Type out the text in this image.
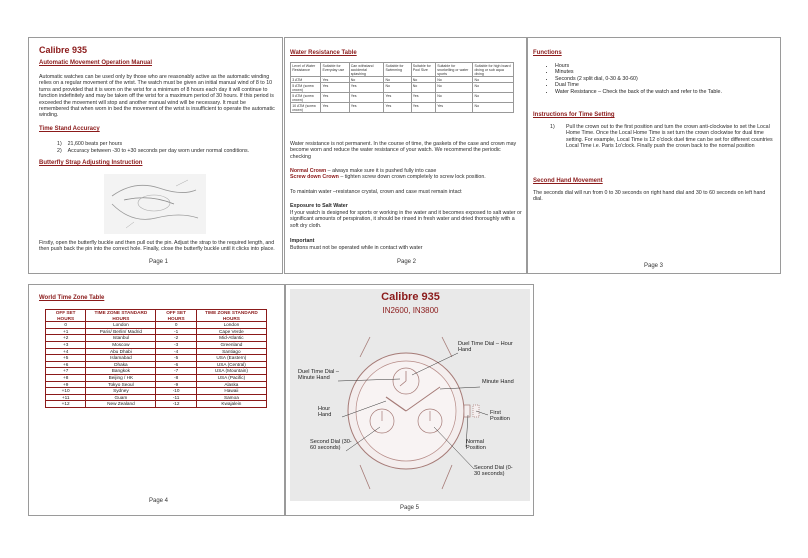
Calibre 935
Automatic Movement Operation Manual
Automatic watches can be used only by those who are reasonably active as the automatic winding relies on a regular movement of the wrist. The watch must be given an initial manual wind of 8 to 10 turns and provided that it is worn on the wrist for a minimum of 8 hours each day it will continue to function indefinitely and may be taken off the wrist for a maximum period of 30 hours. If this period is exceeded the movement will stop and another manual wind will be necessary. It must be remembered that when worn in bed the movement of the wrist is insufficient to operate the automatic winding.
Time Stand Accuracy
1) 21,600 beats per hours
2) Accuracy between -30 to +30 seconds per day worn under normal conditions.
Butterfly Strap Adjusting Instruction
Firstly, open the butterfly buckle and then pull out the pin. Adjust the strap to the required length, and then push back the pin into the correct hole. Finally, close the butterfly buckle until it clicks into place.
Page 1
Water Resistance Table
Level of Water Resistance	Suitable for Everyday use	Can withstand accidental splashing	Suitable for Swimming	Suitable for Pool Size	Suitable for snorkelling or water sports	Suitable for high board diving or sub aqua diving
3 ATM	Yes	No	No	No	No	No
5 ATM (screw crown)	Yes	Yes	No	No	No	No
5 ATM (screw crown)	Yes	Yes	Yes	Yes	No	No
10 ATM (screw crown)	Yes	Yes	Yes	Yes	Yes	No
Water resistance is not permanent. In the course of time, the gaskets of the case and crown may become worn and reduce the water resistance of your watch. We recommend the periodic checking
Normal Crown – always make sure it is pushed fully into case
Screw down Crown – tighten screw down crown completely to screw lock position.
To maintain water –resistance crystal, crown and case must remain intact
Exposure to Salt Water
If your watch is designed for sports or working in the water and it becomes exposed to salt water or significant amounts of perspiration, it should be rinsed in fresh water and dried thoroughly with a soft dry cloth.
Important
Buttons must not be operated while in contact with water
Page 2
Functions
• Hours
• Minutes
• Seconds (2 split dial, 0-30 & 30-60)
• Dual Time
• Water Resistance – Check the back of the watch and refer to the Table.
Instructions for Time Setting
1) Pull the crown out to the first position and turn the crown anti-clockwise to set the Local Home Time. Once the Local Home Time is set turn the crown clockwise for dual time setting. For example, Local Time is 12 o'clock duel time can be set for different countries Local Time i.e. Paris 1o'clock. Finally push the crown back to the normal position
Second Hand Movement
The seconds dial will run from 0 to 30 seconds on right hand dial and 30 to 60 seconds on left hand dial.
Page 3
World Time Zone Table
OFF SET HOURS	TIME ZONE STANDARD HOURS	OFF SET HOURS	TIME ZONE STANDARD HOURS
0	London	0	London
+1	Paris/ Berlin/ Madrid	-1	Cape Verde
+2	Istanbul	-2	Mid-Atlantic
+3	Moscow	-3	Greenland
+4	Abu Dhabi	-4	Santiago
+5	Islamabad	-5	USA (Eastern)
+6	Dhaka	-6	USA (Central)
+7	Bangkok	-7	USA (Mountain)
+8	Beijing / HK	-8	USA (Pacific)
+9	Tokyo Seoul	-9	Alaska
+10	Sydney	-10	Hawaii
+11	Guam	-11	Samoa
+12	New Zealand	-12	Kwajalein
Page 4
Calibre 935
IN2600, IN3800
Duel Time Dial – Hour Hand
Duel Time Dial – Minute Hand
Minute Hand
Hour Hand	First Position
Normal Position
Second Dial (30-60 seconds)
Second Dial (0-30 seconds)
Page 5
